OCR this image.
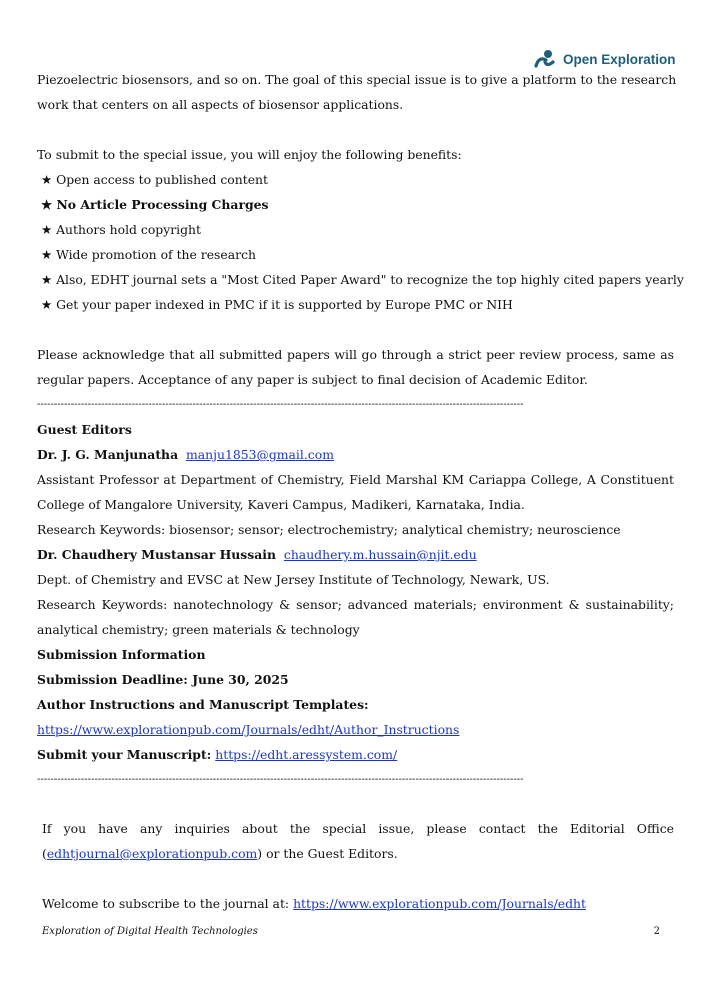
Open Exploration
Piezoelectric biosensors, and so on. The goal of this special issue is to give a platform to the research
work that centers on all aspects of biosensor applications.
To submit to the special issue, you will enjoy the following benefits:
★ Open access to published content
★ No Article Processing Charges
★ Authors hold copyright
★ Wide promotion of the research
★ Also, EDHT journal sets a "Most Cited Paper Award" to recognize the top highly cited papers yearly
★ Get your paper indexed in PMC if it is supported by Europe PMC or NIH
Please acknowledge that all submitted papers will go through a strict peer review process, same as
regular papers. Acceptance of any paper is subject to final decision of Academic Editor.
------------------------------------------------------------------------------------------------------------------------------------------------
Guest Editors
Dr. J. G. Manjunatha manju1853@gmail.com
Assistant Professor at Department of Chemistry, Field Marshal KM Cariappa College, A Constituent
College of Mangalore University, Kaveri Campus, Madikeri, Karnataka, India.
Research Keywords: biosensor; sensor; electrochemistry; analytical chemistry; neuroscience
Dr. Chaudhery Mustansar Hussain chaudhery.m.hussain@njit.edu
Dept. of Chemistry and EVSC at New Jersey Institute of Technology, Newark, US.
Research Keywords: nanotechnology & sensor; advanced materials; environment & sustainability;
analytical chemistry; green materials & technology
Submission Information
Submission Deadline: June 30, 2025
Author Instructions and Manuscript Templates:
https://www.explorationpub.com/Journals/edht/Author_Instructions
Submit your Manuscript: https://edht.aressystem.com/
------------------------------------------------------------------------------------------------------------------------------------------------
If you have any inquiries about the special issue, please contact the Editorial Office
(edhtjournal@explorationpub.com) or the Guest Editors.
Welcome to subscribe to the journal at: https://www.explorationpub.com/Journals/edht
Exploration of Digital Health Technologies	2
